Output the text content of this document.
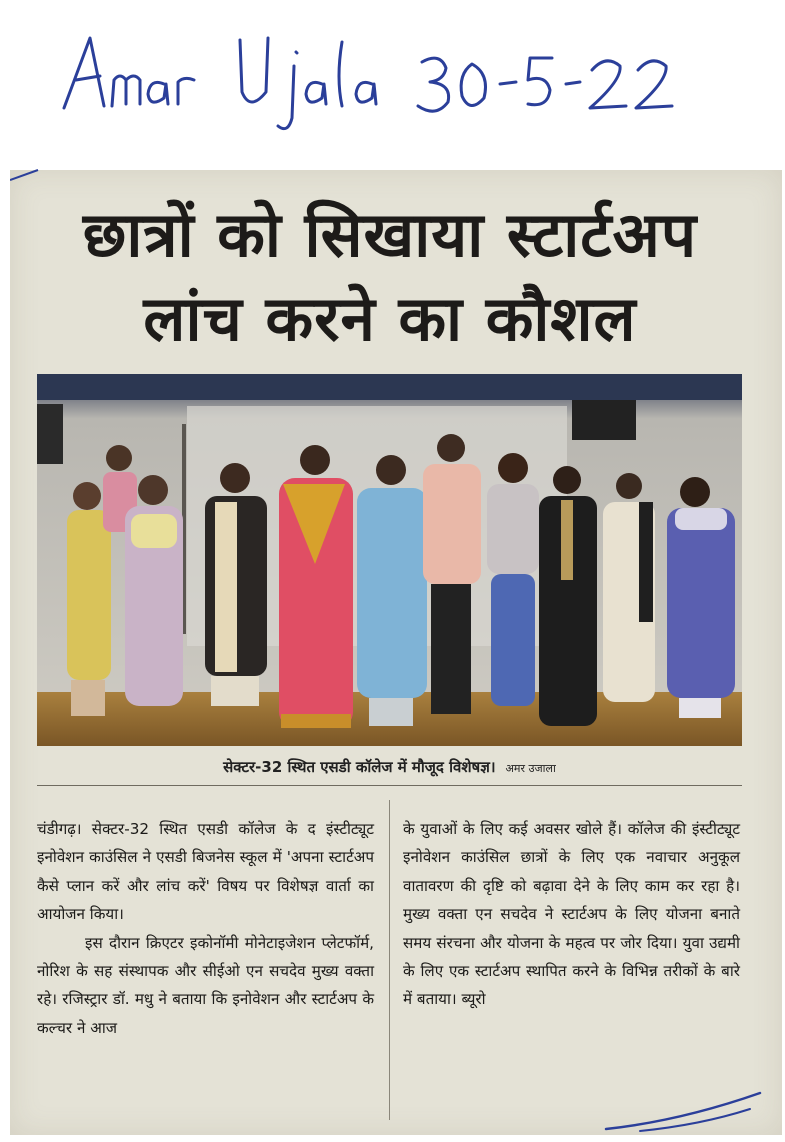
छात्रों को सिखाया स्टार्टअप
लांच करने का कौशल
सेक्टर-32 स्थित एसडी कॉलेज में मौजूद विशेषज्ञ। अमर उजाला

चंडीगढ़। सेक्टर-32 स्थित एसडी कॉलेज के द इंस्टीट्यूट इनोवेशन काउंसिल ने एसडी बिजनेस स्कूल में 'अपना स्टार्टअप कैसे प्लान करें और लांच करें' विषय पर विशेषज्ञ वार्ता का आयोजन किया।

इस दौरान क्रिएटर इकोनॉमी मोनेटाइजेशन प्लेटफॉर्म, नोरिश के सह संस्थापक और सीईओ एन सचदेव मुख्य वक्ता रहे। रजिस्ट्रार डॉ. मधु ने बताया कि इनोवेशन और स्टार्टअप के कल्चर ने आज

के युवाओं के लिए कई अवसर खोले हैं। कॉलेज की इंस्टीट्यूट इनोवेशन काउंसिल छात्रों के लिए एक नवाचार अनुकूल वातावरण की दृष्टि को बढ़ावा देने के लिए काम कर रहा है। मुख्य वक्ता एन सचदेव ने स्टार्टअप के लिए योजना बनाते समय संरचना और योजना के महत्व पर जोर दिया। युवा उद्यमी के लिए एक स्टार्टअप स्थापित करने के विभिन्न तरीकों के बारे में बताया। ब्यूरो
